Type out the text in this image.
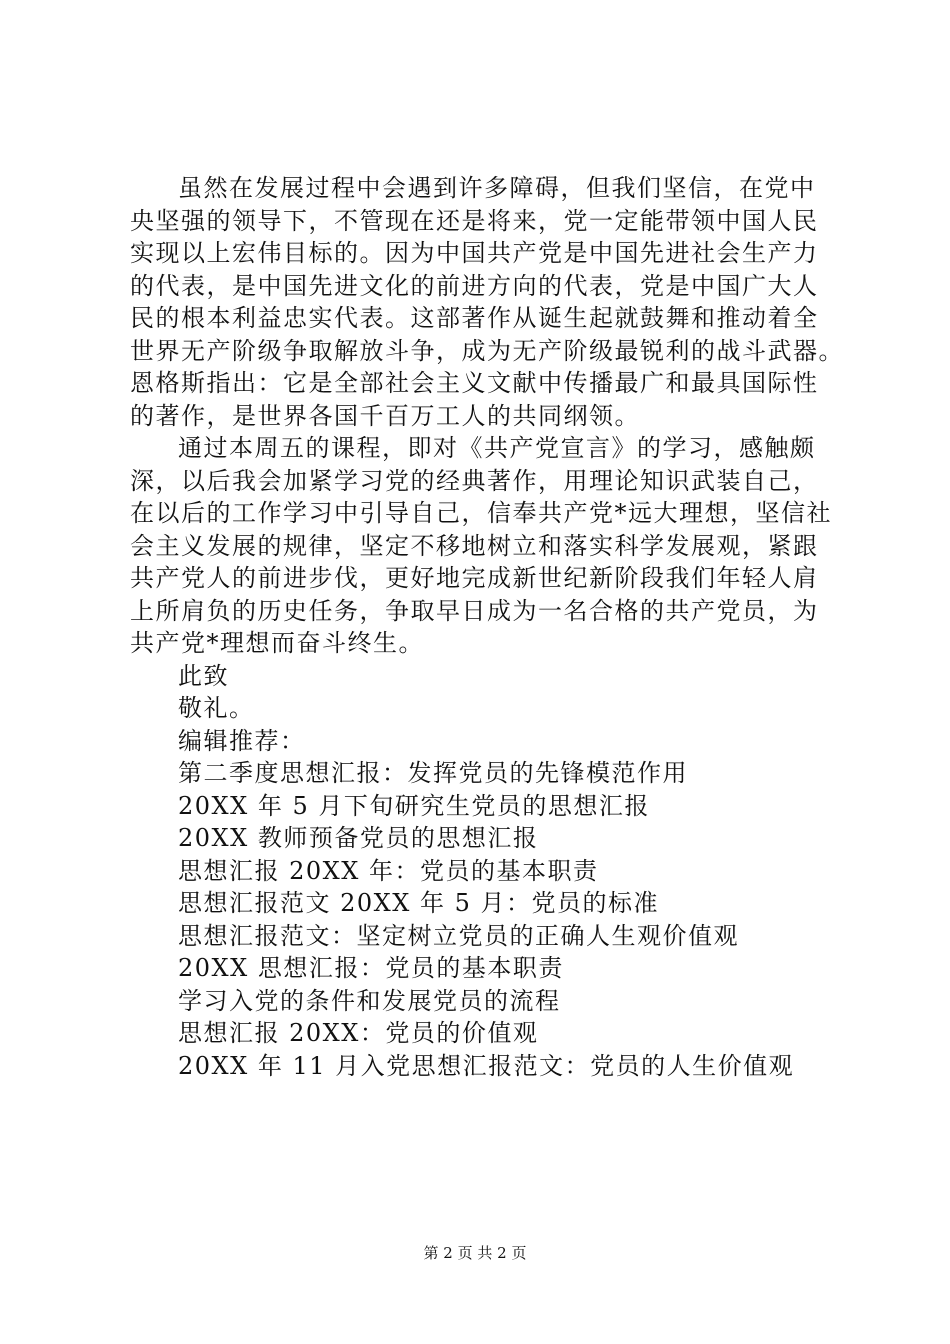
虽然在发展过程中会遇到许多障碍，但我们坚信，在党中
央坚强的领导下，不管现在还是将来，党一定能带领中国人民
实现以上宏伟目标的。因为中国共产党是中国先进社会生产力
的代表，是中国先进文化的前进方向的代表，党是中国广大人
民的根本利益忠实代表。这部著作从诞生起就鼓舞和推动着全
世界无产阶级争取解放斗争，成为无产阶级最锐利的战斗武器。
恩格斯指出：它是全部社会主义文献中传播最广和最具国际性
的著作，是世界各国千百万工人的共同纲领。
通过本周五的课程，即对《共产党宣言》的学习，感触颇
深，以后我会加紧学习党的经典著作，用理论知识武装自己，
在以后的工作学习中引导自己，信奉共产党*远大理想，坚信社
会主义发展的规律，坚定不移地树立和落实科学发展观，紧跟
共产党人的前进步伐，更好地完成新世纪新阶段我们年轻人肩
上所肩负的历史任务，争取早日成为一名合格的共产党员，为
共产党*理想而奋斗终生。
此致
敬礼。
编辑推荐：
第二季度思想汇报：发挥党员的先锋模范作用
20XX 年 5 月下旬研究生党员的思想汇报
20XX 教师预备党员的思想汇报
思想汇报 20XX 年：党员的基本职责
思想汇报范文 20XX 年 5 月：党员的标准
思想汇报范文：坚定树立党员的正确人生观价值观
20XX 思想汇报：党员的基本职责
学习入党的条件和发展党员的流程
思想汇报 20XX：党员的价值观
20XX 年 11 月入党思想汇报范文：党员的人生价值观
第 2 页 共 2 页
